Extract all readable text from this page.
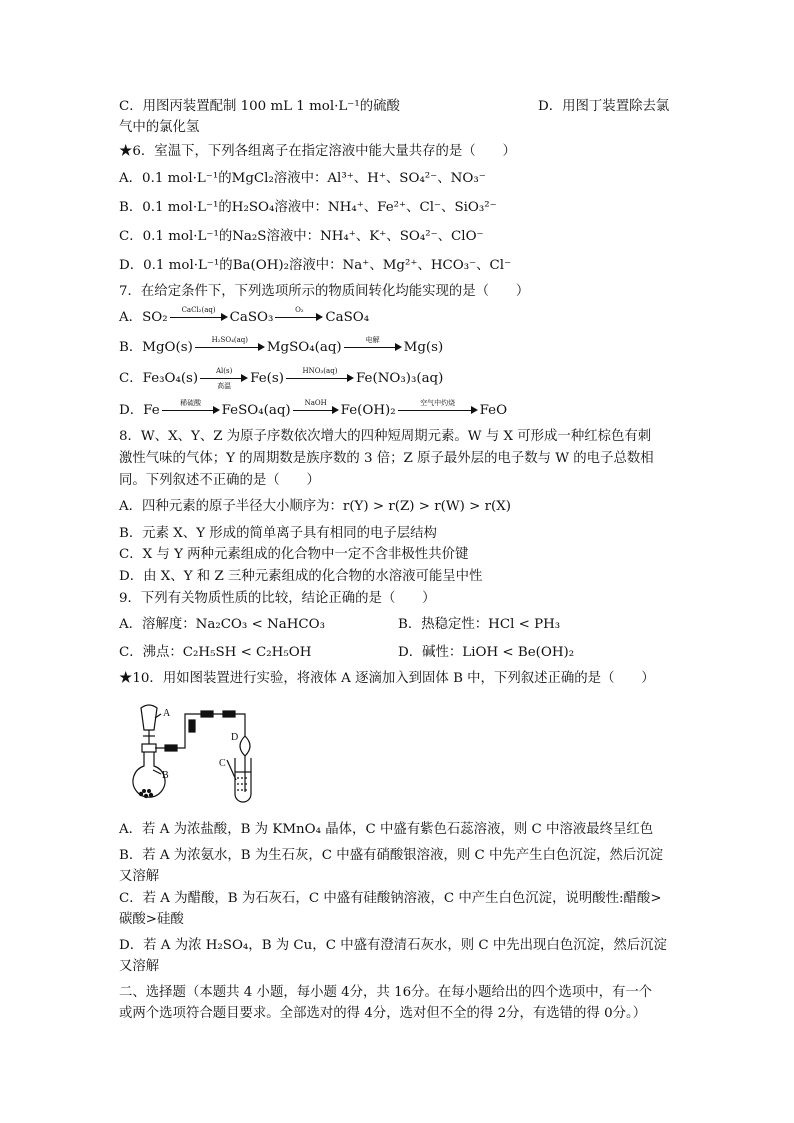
C．用图丙装置配制 100 mL 1 mol·L⁻¹的硫酸	D．用图丁装置除去氯
气中的氯化氢
★6．室温下，下列各组离子在指定溶液中能大量共存的是（　　）
A．0.1 mol·L⁻¹的MgCl₂溶液中：Al³⁺、H⁺、SO₄²⁻、NO₃⁻
B．0.1 mol·L⁻¹的H₂SO₄溶液中：NH₄⁺、Fe²⁺、Cl⁻、SiO₃²⁻
C．0.1 mol·L⁻¹的Na₂S溶液中：NH₄⁺、K⁺、SO₄²⁻、ClO⁻
D．0.1 mol·L⁻¹的Ba(OH)₂溶液中：Na⁺、Mg²⁺、HCO₃⁻、Cl⁻
7．在给定条件下，下列选项所示的物质间转化均能实现的是（　　）
A．SO₂
CaCl₂(aq)
CaSO₃
O₂
CaSO₄
B．MgO(s)
H₂SO₄(aq)
MgSO₄(aq)
电解
Mg(s)
C．Fe₃O₄(s)
Al(s)
高温	Fe(s)
HNO₃(aq)
Fe(NO₃)₃(aq)
D．Fe
稀硫酸
FeSO₄(aq)
NaOH
Fe(OH)₂
空气中灼烧
FeO
8．W、X、Y、Z 为原子序数依次增大的四种短周期元素。W 与 X 可形成一种红棕色有刺
激性气味的气体；Y 的周期数是族序数的 3 倍；Z 原子最外层的电子数与 W 的电子总数相
同。下列叙述不正确的是（　　）
A．四种元素的原子半径大小顺序为：r(Y) > r(Z) > r(W) > r(X)
B．元素 X、Y 形成的简单离子具有相同的电子层结构
C．X 与 Y 两种元素组成的化合物中一定不含非极性共价键
D．由 X、Y 和 Z 三种元素组成的化合物的水溶液可能呈中性
9．下列有关物质性质的比较，结论正确的是（　　）
A．溶解度：Na₂CO₃ < NaHCO₃	B．热稳定性：HCl < PH₃
C．沸点：C₂H₅SH < C₂H₅OH	D．碱性：LiOH < Be(OH)₂
★10．用如图装置进行实验，将液体 A 逐滴加入到固体 B 中，下列叙述正确的是（　　）
A
B
C
D
A．若 A 为浓盐酸，B 为 KMnO₄ 晶体，C 中盛有紫色石蕊溶液，则 C 中溶液最终呈红色
B．若 A 为浓氨水，B 为生石灰，C 中盛有硝酸银溶液，则 C 中先产生白色沉淀，然后沉淀
又溶解
C．若 A 为醋酸，B 为石灰石，C 中盛有硅酸钠溶液，C 中产生白色沉淀，说明酸性:醋酸>
碳酸>硅酸
D．若 A 为浓 H₂SO₄，B 为 Cu，C 中盛有澄清石灰水，则 C 中先出现白色沉淀，然后沉淀
又溶解
二、选择题（本题共 4 小题，每小题 4分，共 16分。在每小题给出的四个选项中，有一个
或两个选项符合题目要求。全部选对的得 4分，选对但不全的得 2分，有选错的得 0分。）
